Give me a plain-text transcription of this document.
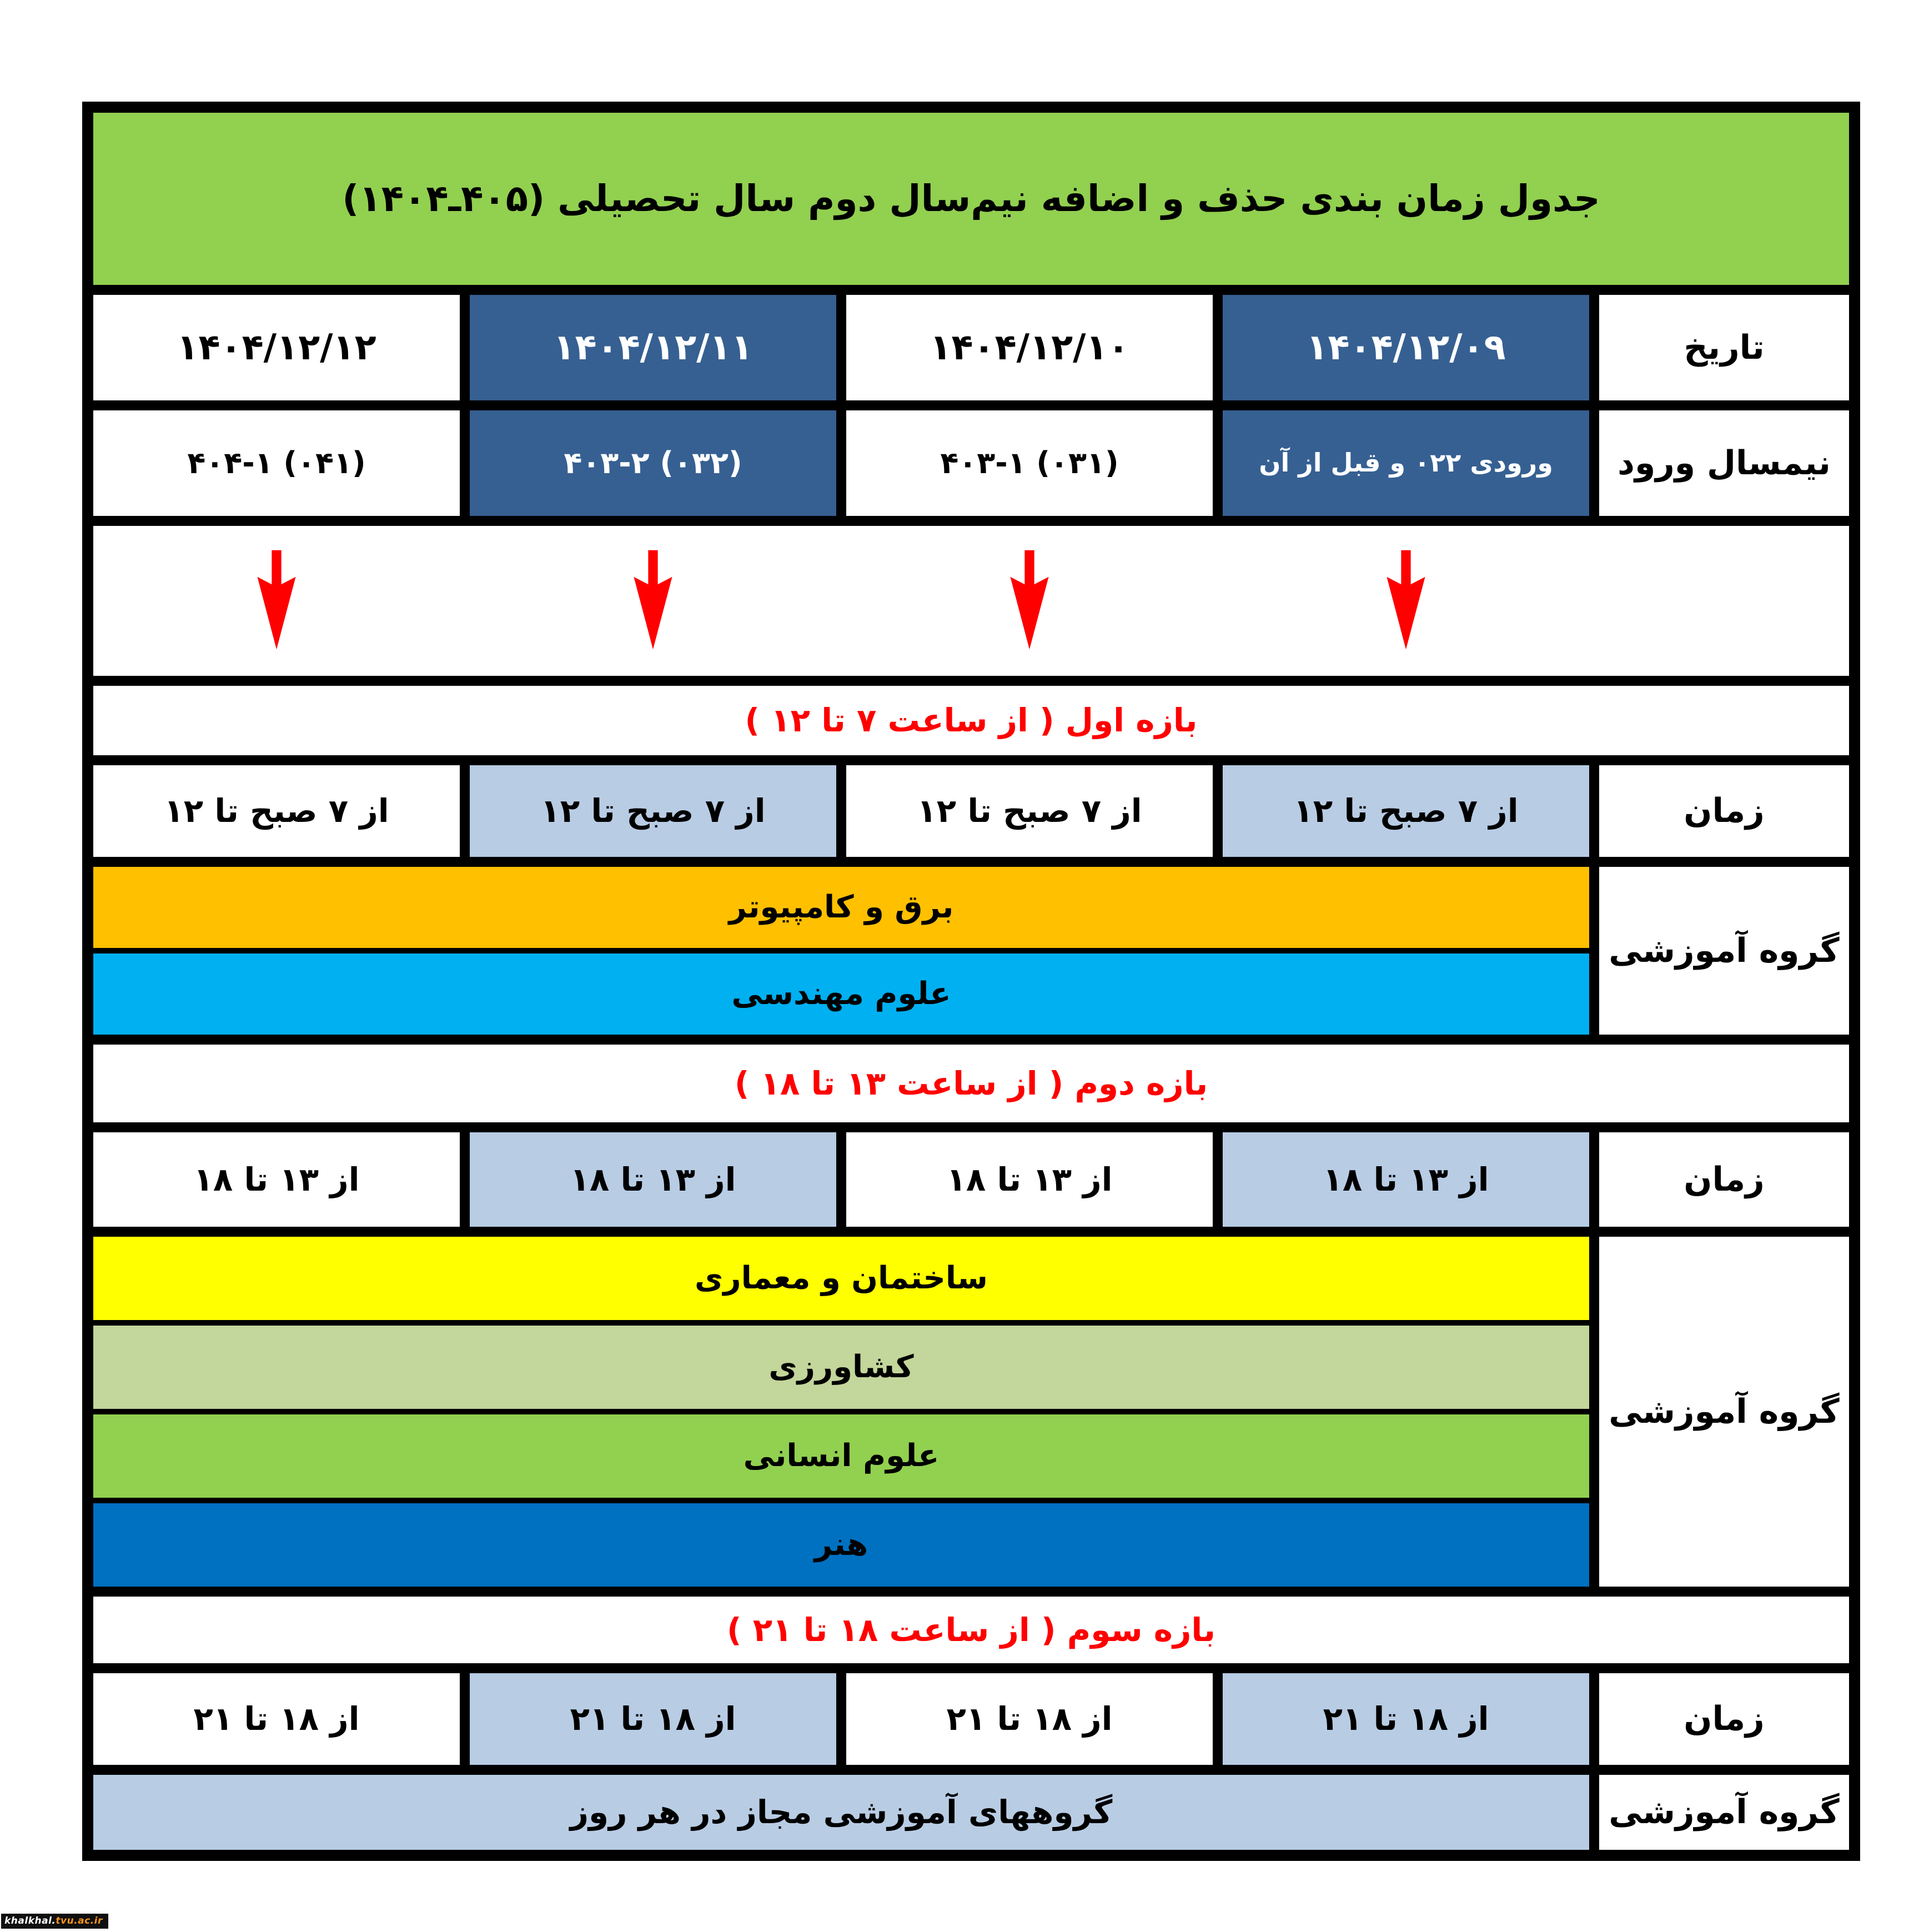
جدول زمان بندی حذف و اضافه نیم‌سال دوم سال تحصیلی (۴۰۵ـ۱۴۰۴)
تاریخ
۱۴۰۴/۱۲/۰۹
۱۴۰۴/۱۲/۱۰
۱۴۰۴/۱۲/۱۱
۱۴۰۴/۱۲/۱۲
نیمسال ورود
ورودی ۰۲۲ و قبل از آن
۴۰۳-۱ (۰۳۱)
۴۰۳-۲ (۰۳۲)
۴۰۴-۱ (۰۴۱)
بازه اول ( از ساعت ۷ تا ۱۲ )
زمان
از ۷ صبح تا ۱۲
از ۷ صبح تا ۱۲
از ۷ صبح تا ۱۲
از ۷ صبح تا ۱۲
گروه آموزشی
برق و کامپیوتر
علوم مهندسی
بازه دوم ( از ساعت ۱۳ تا ۱۸ )
زمان
از ۱۳ تا ۱۸
از ۱۳ تا ۱۸
از ۱۳ تا ۱۸
از ۱۳ تا ۱۸
گروه آموزشی
ساختمان و معماری
کشاورزی
علوم انسانی
هنر
بازه سوم ( از ساعت ۱۸ تا ۲۱ )
زمان
از ۱۸ تا ۲۱
از ۱۸ تا ۲۱
از ۱۸ تا ۲۱
از ۱۸ تا ۲۱
گروه آموزشی
گروههای آموزشی مجاز در هر روز
khalkhal.tvu.ac.ir
